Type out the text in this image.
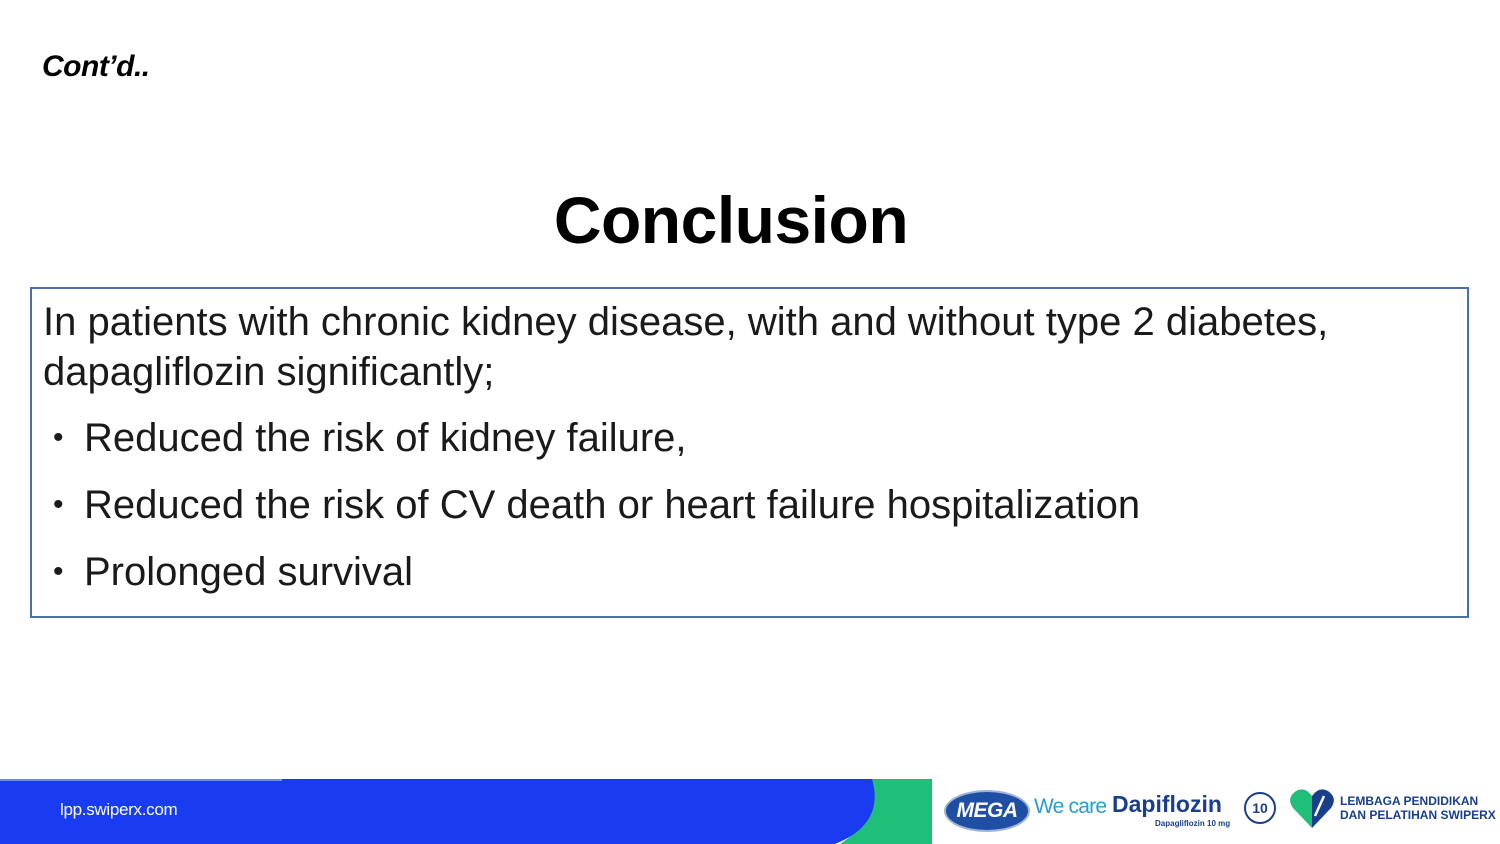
Cont’d..
Conclusion
In patients with chronic kidney disease, with and without type 2 diabetes, dapagliflozin significantly;
• Reduced the risk of kidney failure,
• Reduced the risk of CV death or heart failure hospitalization
• Prolonged survival
lpp.swiperx.com	MEGA We care Dapiflozin
Dapagliflozin 10 mg
10	LEMBAGA PENDIDIKAN
DAN PELATIHAN SWIPERX
